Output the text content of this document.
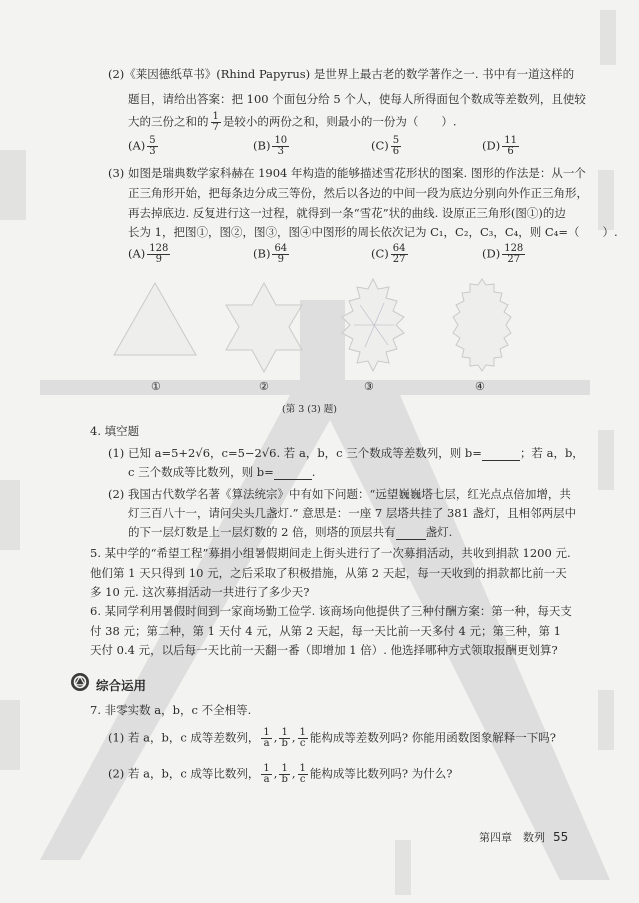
(2)《莱因德纸草书》(Rhind Papyrus) 是世界上最古老的数学著作之一. 书中有一道这样的
题目，请给出答案：把 100 个面包分给 5 个人，使每人所得面包个数成等差数列，且使较
大的三份之和的 $\frac{1}{7}$ 是较小的两份之和，则最小的一份为（　　）.
$(A) \frac{5}{3}$	$(B) \frac{10}{3}$	$(C) \frac{5}{6}$	$(D) \frac{11}{6}$
(3) 如图是瑞典数学家科赫在 1904 年构造的能够描述雪花形状的图案. 图形的作法是：从一个
正三角形开始，把每条边分成三等份，然后以各边的中间一段为底边分别向外作正三角形，
再去掉底边. 反复进行这一过程，就得到一条“雪花”状的曲线. 设原正三角形(图①)的边
长为 1，把图①，图②，图③，图④中图形的周长依次记为 C₁，C₂，C₃，C₄，则 C₄=（　　）.
$(A) \frac{128}{9}$	$(B) \frac{64}{9}$	$(C) \frac{64}{27}$	$(D) \frac{128}{27}$
①	②	③	④
(第 3 (3) 题)
4. 填空题
(1) 已知 a=5+2√6，c=5−2√6. 若 a，b，c 三个数成等差数列，则 b=	；若 a，b，
c 三个数成等比数列，则 b=	.
(2) 我国古代数学名著《算法统宗》中有如下问题：“远望巍巍塔七层，红光点点倍加增，共
灯三百八十一，请问尖头几盏灯.” 意思是：一座 7 层塔共挂了 381 盏灯，且相邻两层中
的下一层灯数是上一层灯数的 2 倍，则塔的顶层共有	盏灯.
5. 某中学的“希望工程”募捐小组暑假期间走上街头进行了一次募捐活动，共收到捐款 1200 元.
他们第 1 天只得到 10 元，之后采取了积极措施，从第 2 天起，每一天收到的捐款都比前一天
多 10 元. 这次募捐活动一共进行了多少天?
6. 某同学利用暑假时间到一家商场勤工俭学. 该商场向他提供了三种付酬方案：第一种，每天支
付 38 元；第二种，第 1 天付 4 元，从第 2 天起，每一天比前一天多付 4 元；第三种，第 1
天付 0.4 元，以后每一天比前一天翻一番（即增加 1 倍）. 他选择哪种方式领取报酬更划算?
综合运用
7. 非零实数 a，b，c 不全相等.
(1) 若 a，b，c 成等差数列， $\frac{1}{a}$ , $\frac{1}{b}$ , $\frac{1}{c}$ 能构成等差数列吗? 你能用函数图象解释一下吗?
(2) 若 a，b，c 成等比数列， $\frac{1}{a}$ , $\frac{1}{b}$ , $\frac{1}{c}$ 能构成等比数列吗? 为什么?
第四章　数列 55
